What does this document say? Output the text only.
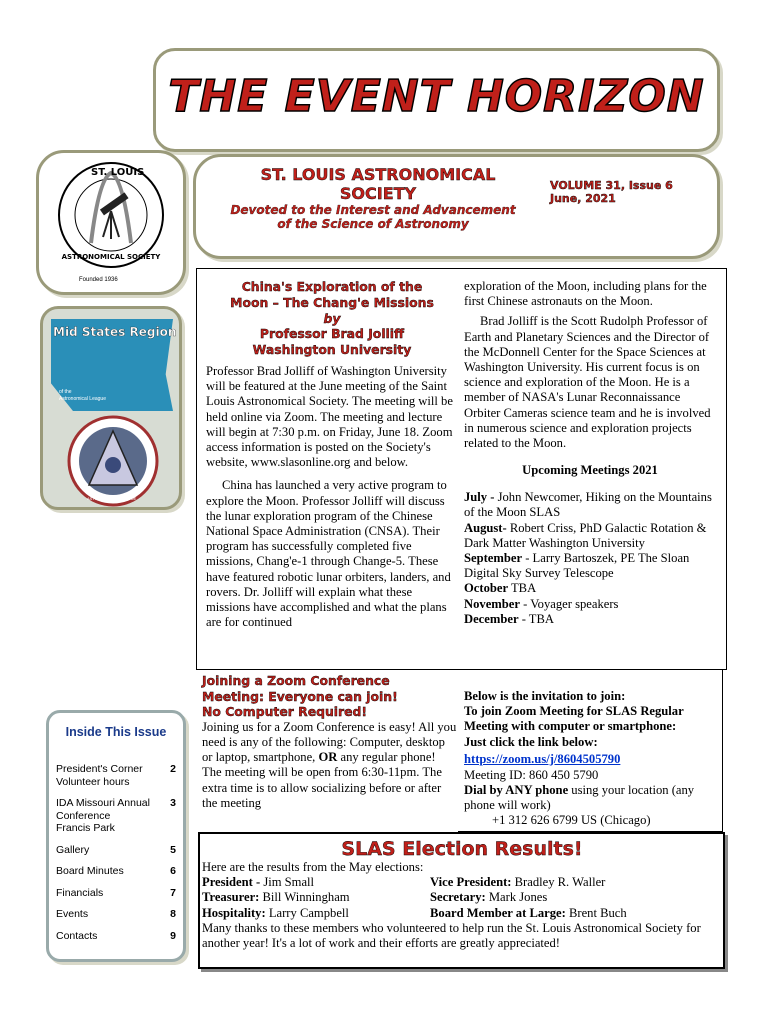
THE EVENT HORIZON
ST. LOUIS
ASTRONOMICAL SOCIETY
Founded 1936
ST. LOUIS ASTRONOMICAL
SOCIETY
Devoted to the Interest and Advancement
of the Science of Astronomy
VOLUME 31, Issue 6
June, 2021
Mid States Region
of the
Astronomical League
ASTRONOMICAL LEAGUE
Inside This Issue
President's Corner
Volunteer hours
2
IDA Missouri Annual
Conference
Francis Park
3
Gallery	5
Board Minutes	6
Financials	7
Events	8
Contacts	9
China's Exploration of the
Moon – The Chang'e Missions
by
Professor Brad Jolliff
Washington University

Professor Brad Jolliff of Washington University will be featured at the June meeting of the Saint Louis Astronomical Society. The meeting will be held online via Zoom. The meeting and lecture will begin at 7:30 p.m. on Friday, June 18. Zoom access information is posted on the Society's website, www.slasonline.org and below.

China has launched a very active program to explore the Moon. Professor Jolliff will discuss the lunar exploration program of the Chinese National Space Administration (CNSA). Their program has successfully completed five missions, Chang'e-1 through Change-5. These have featured robotic lunar orbiters, landers, and rovers. Dr. Jolliff will explain what these missions have accomplished and what the plans are for continued

exploration of the Moon, including plans for the first Chinese astronauts on the Moon.

Brad Jolliff is the Scott Rudolph Professor of Earth and Planetary Sciences and the Director of the McDonnell Center for the Space Sciences at Washington University. His current focus is on science and exploration of the Moon. He is a member of NASA's Lunar Reconnaissance Orbiter Cameras science team and he is involved in numerous science and exploration projects related to the Moon.

Upcoming Meetings 2021
July - John Newcomer, Hiking on the Mountains of the Moon SLAS
August- Robert Criss, PhD Galactic Rotation & Dark Matter Washington University
September - Larry Bartoszek, PE The Sloan Digital Sky Survey Telescope
October TBA
November - Voyager speakers
December - TBA
Joining a Zoom Conference
Meeting: Everyone can join!
No Computer Required!

Joining us for a Zoom Conference is easy! All you need is any of the following: Computer, desktop or laptop, smartphone, OR any regular phone! The meeting will be open from 6:30-11pm. The extra time is to allow socializing before or after the meeting

Below is the invitation to join:
To join Zoom Meeting for SLAS Regular Meeting with computer or smartphone:
Just click the link below:

https://zoom.us/j/8604505790

Meeting ID: 860 450 5790

Dial by ANY phone using your location (any phone will work)

+1 312 626 6799 US (Chicago)

SLAS Election Results!

Here are the results from the May elections:

President - Jim Small	Vice President: Bradley R. Waller
Treasurer: Bill Winningham	Secretary: Mark Jones
Hospitality: Larry Campbell	Board Member at Large: Brent Buch

Many thanks to these members who volunteered to help run the St. Louis Astronomical Society for another year! It's a lot of work and their efforts are greatly appreciated!
